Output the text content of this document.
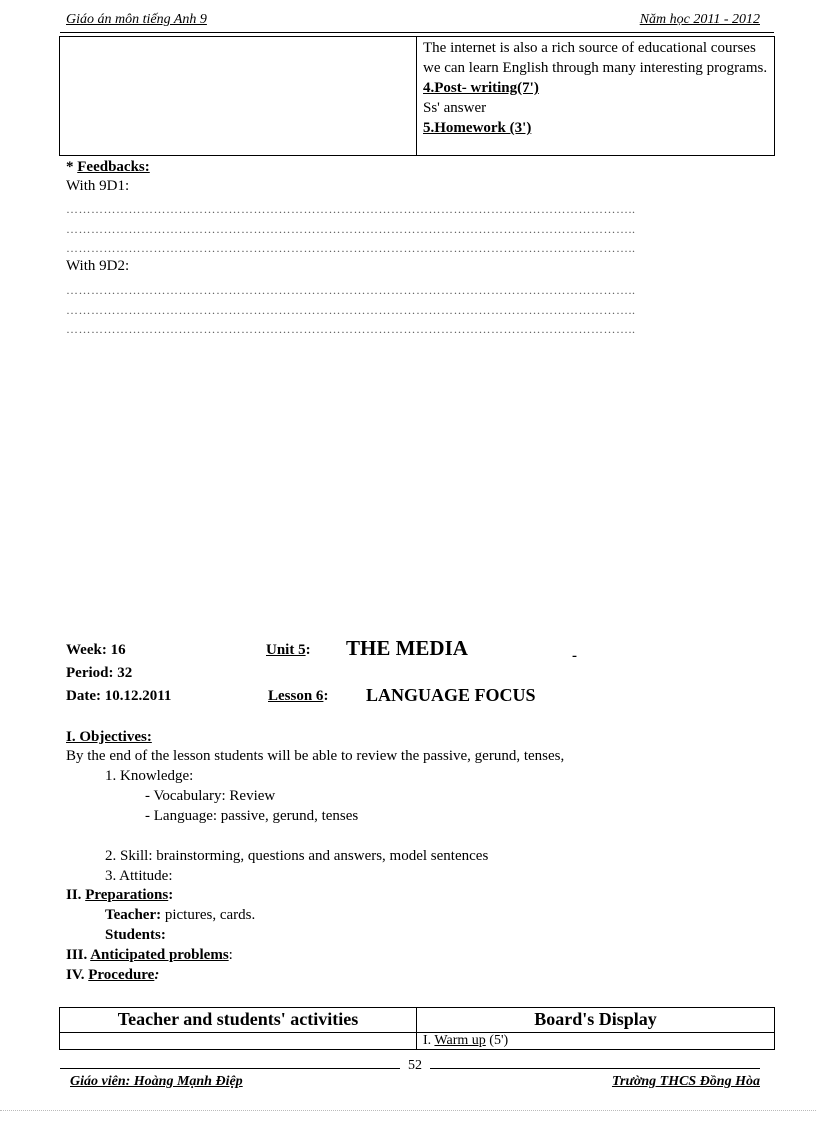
Giáo án môn tiếng Anh 9	Năm học 2011 - 2012

The internet is also a rich source of educational courses we can learn English through many interesting programs.
4.Post- writing(7')
Ss' answer
5.Homework (3')
* Feedbacks:
With 9D1:
………………………………………………………………………………………………………………………..
………………………………………………………………………………………………………………………..
………………………………………………………………………………………………………………………..
With 9D2:
………………………………………………………………………………………………………………………..
………………………………………………………………………………………………………………………..
………………………………………………………………………………………………………………………..
Week: 16	Unit 5: THE MEDIA	-
Period: 32
Date: 10.12.2011	Lesson 6: LANGUAGE FOCUS
I. Objectives:
By the end of the lesson students will be able to review the passive, gerund, tenses,
1. Knowledge:
- Vocabulary: Review
- Language: passive, gerund, tenses
2. Skill: brainstorming, questions and answers, model sentences
3. Attitude:
II. Preparations:
Teacher: pictures, cards.
Students:
III. Anticipated problems:
IV. Procedure:
Teacher and students' activities	Board's Display
	I. Warm up (5')
52
Giáo viên: Hoàng Mạnh Điệp	Trường THCS Đồng Hòa
